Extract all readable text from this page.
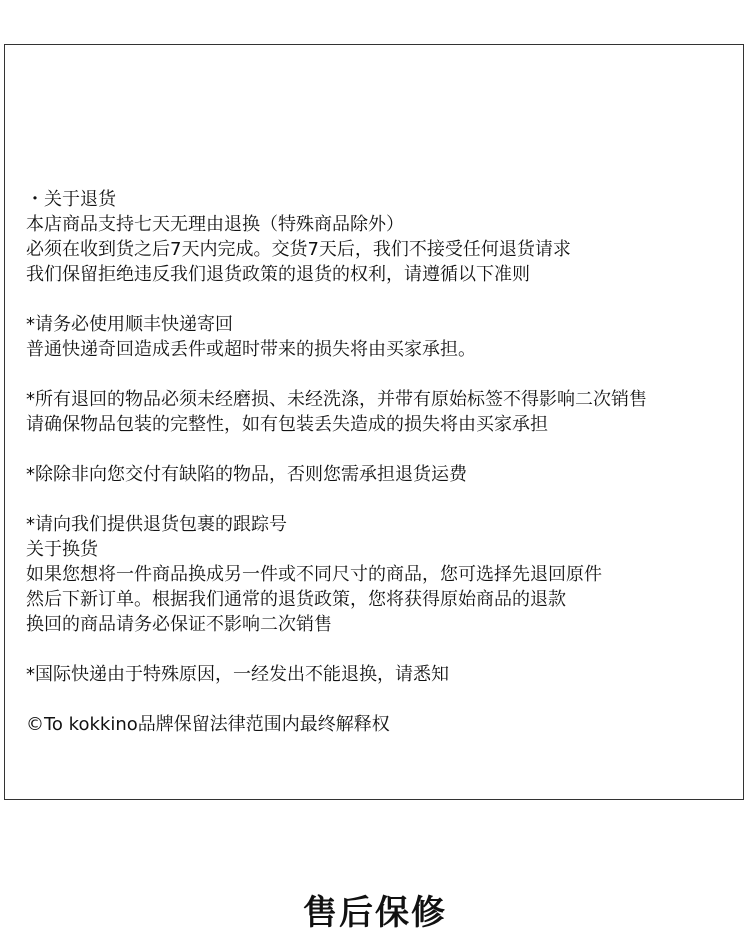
・关于退货
本店商品支持七天无理由退换（特殊商品除外）
必须在收到货之后7天内完成。交货7天后，我们不接受任何退货请求
我们保留拒绝违反我们退货政策的退货的权利，请遵循以下准则
*请务必使用顺丰快递寄回
普通快递奇回造成丢件或超时带来的损失将由买家承担。
*所有退回的物品必须未经磨损、未经洗涤，并带有原始标签不得影响二次销售
请确保物品包装的完整性，如有包装丢失造成的损失将由买家承担
*除除非向您交付有缺陷的物品，否则您需承担退货运费
*请向我们提供退货包裹的跟踪号
关于换货
如果您想将一件商品换成另一件或不同尺寸的商品，您可选择先退回原件
然后下新订单。根据我们通常的退货政策，您将获得原始商品的退款
换回的商品请务必保证不影响二次销售
*国际快递由于特殊原因，一经发出不能退换，请悉知
©To kokkino品牌保留法律范围内最终解释权
售后保修
